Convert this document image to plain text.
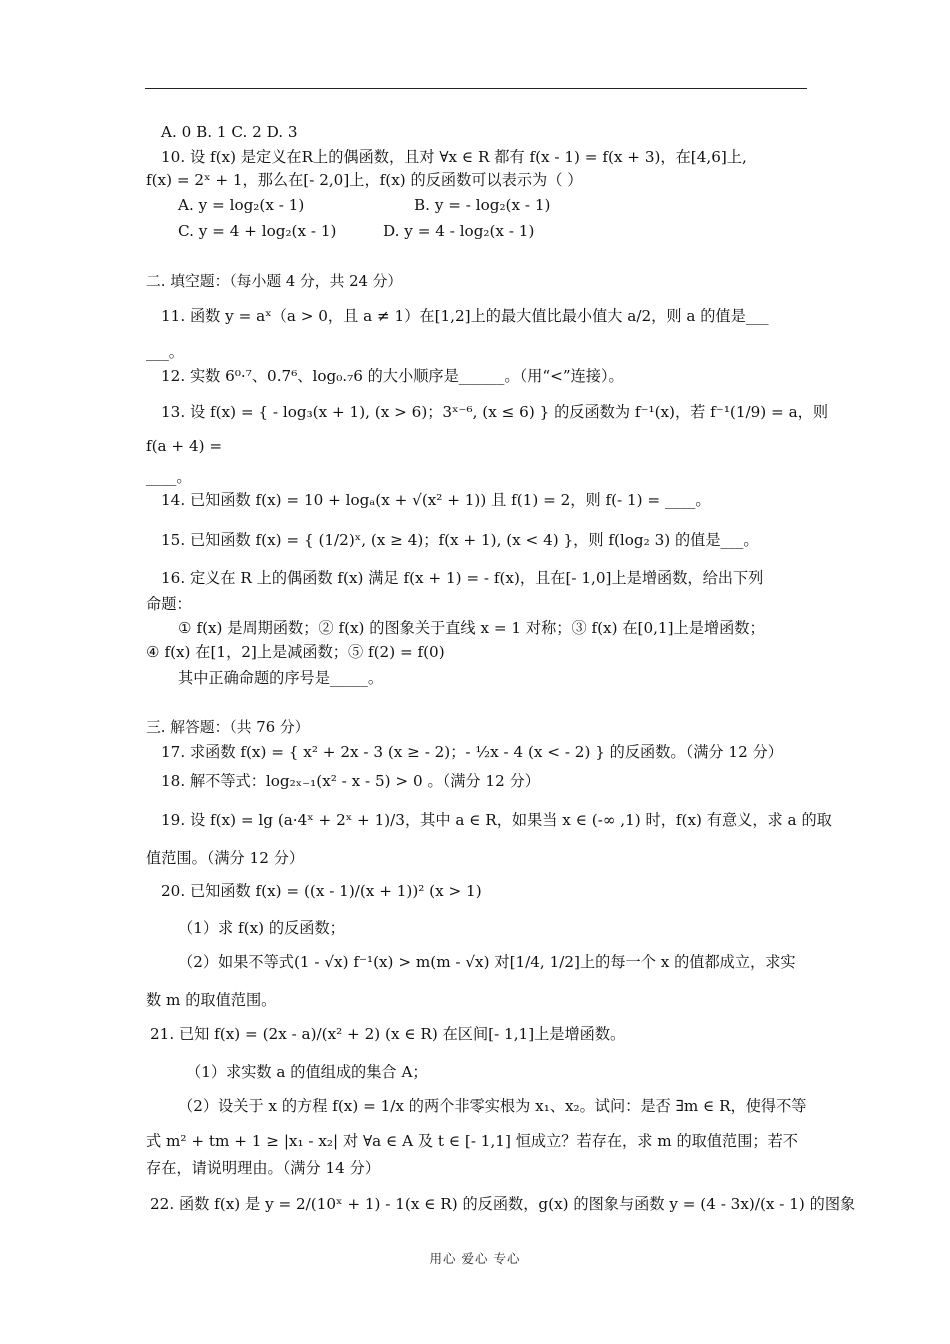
A. 0 B. 1 C. 2 D. 3
10. 设 f(x) 是定义在R上的偶函数，且对 ∀x ∈ R 都有 f(x - 1) = f(x + 3)，在[4,6]上,
f(x) = 2ˣ + 1，那么在[- 2,0]上，f(x) 的反函数可以表示为（ ）
A. y = log₂(x - 1)	B. y = - log₂(x - 1)
C. y = 4 + log₂(x - 1)	D. y = 4 - log₂(x - 1)
二. 填空题：（每小题 4 分，共 24 分）
11. 函数 y = aˣ（a > 0，且 a ≠ 1）在[1,2]上的最大值比最小值大 a/2，则 a 的值是___
___。
12. 实数 6⁰·⁷、0.7⁶、log₀.₇6 的大小顺序是______。（用“<”连接）。
13. 设 f(x) = { - log₃(x + 1), (x > 6)；3ˣ⁻⁶, (x ≤ 6) } 的反函数为 f⁻¹(x)，若 f⁻¹(1/9) = a，则
f(a + 4) =
____。
14. 已知函数 f(x) = 10 + logₐ(x + √(x² + 1)) 且 f(1) = 2，则 f(- 1) = ____。
15. 已知函数 f(x) = { (1/2)ˣ, (x ≥ 4)；f(x + 1), (x < 4) }，则 f(log₂ 3) 的值是___。
16. 定义在 R 上的偶函数 f(x) 满足 f(x + 1) = - f(x)，且在[- 1,0]上是增函数，给出下列
命题：
① f(x) 是周期函数；② f(x) 的图象关于直线 x = 1 对称；③ f(x) 在[0,1]上是增函数；
④ f(x) 在[1，2]上是减函数；⑤ f(2) = f(0)
其中正确命题的序号是_____。
三. 解答题：（共 76 分）
17. 求函数 f(x) = { x² + 2x - 3 (x ≥ - 2)；- ½x - 4 (x < - 2) } 的反函数。（满分 12 分）
18. 解不等式：log₂ₓ₋₁(x² - x - 5) > 0 。（满分 12 分）
19. 设 f(x) = lg (a·4ˣ + 2ˣ + 1)/3，其中 a ∈ R，如果当 x ∈ (-∞ ,1) 时，f(x) 有意义，求 a 的取
值范围。（满分 12 分）
20. 已知函数 f(x) = ((x - 1)/(x + 1))² (x > 1)
（1）求 f(x) 的反函数；
（2）如果不等式(1 - √x) f⁻¹(x) > m(m - √x) 对[1/4, 1/2]上的每一个 x 的值都成立，求实
数 m 的取值范围。
21. 已知 f(x) = (2x - a)/(x² + 2) (x ∈ R) 在区间[- 1,1]上是增函数。
（1）求实数 a 的值组成的集合 A；
（2）设关于 x 的方程 f(x) = 1/x 的两个非零实根为 x₁、x₂。试问：是否 ∃m ∈ R，使得不等
式 m² + tm + 1 ≥ |x₁ - x₂| 对 ∀a ∈ A 及 t ∈ [- 1,1] 恒成立？若存在，求 m 的取值范围；若不
存在，请说明理由。（满分 14 分）
22. 函数 f(x) 是 y = 2/(10ˣ + 1) - 1(x ∈ R) 的反函数，g(x) 的图象与函数 y = (4 - 3x)/(x - 1) 的图象
用心 爱心 专心
